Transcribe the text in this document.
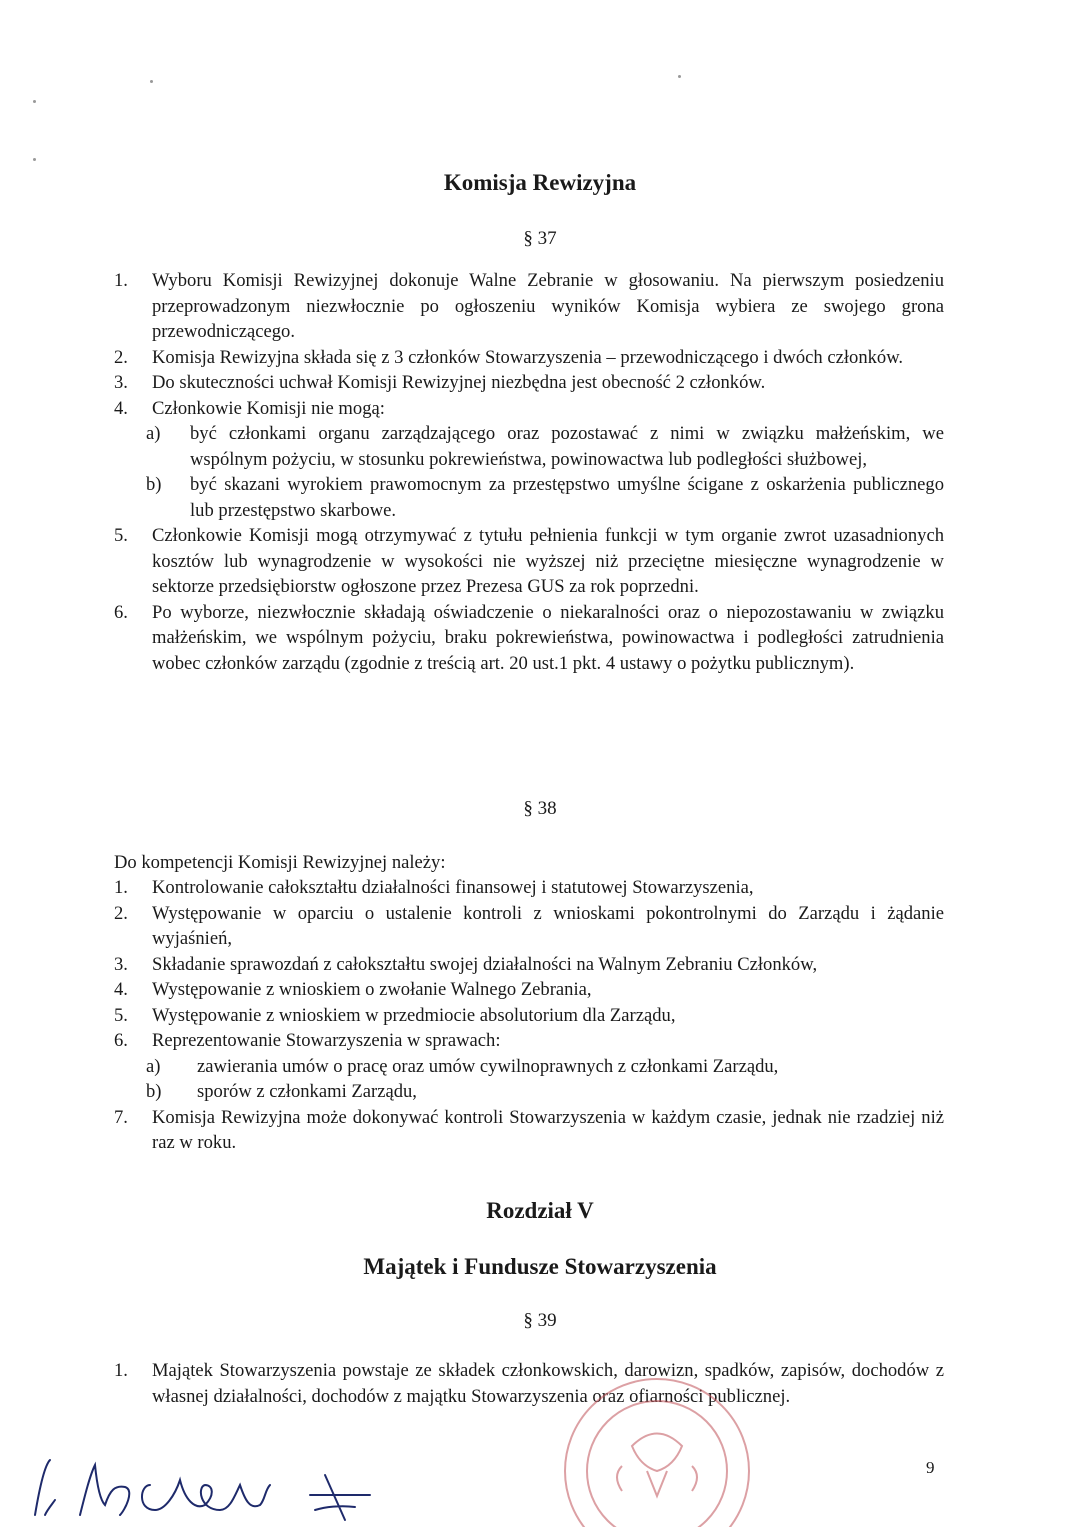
Komisja Rewizyjna
§ 37
1. Wyboru Komisji Rewizyjnej dokonuje Walne Zebranie w głosowaniu. Na pierwszym posiedzeniu przeprowadzonym niezwłocznie po ogłoszeniu wyników Komisja wybiera ze swojego grona przewodniczącego.
2. Komisja Rewizyjna składa się z 3 członków Stowarzyszenia – przewodniczącego i dwóch członków.
3. Do skuteczności uchwał Komisji Rewizyjnej niezbędna jest obecność 2 członków.
4. Członkowie Komisji nie mogą:
a)	być członkami organu zarządzającego oraz pozostawać z nimi w związku małżeńskim, we wspólnym pożyciu, w stosunku pokrewieństwa, powinowactwa lub podległości służbowej,
b)	być skazani wyrokiem prawomocnym za przestępstwo umyślne ścigane z oskarżenia publicznego lub przestępstwo skarbowe.
5. Członkowie Komisji mogą otrzymywać z tytułu pełnienia funkcji w tym organie zwrot uzasadnionych kosztów lub wynagrodzenie w wysokości nie wyższej niż przeciętne miesięczne wynagrodzenie w sektorze przedsiębiorstw ogłoszone przez Prezesa GUS za rok poprzedni.
6. Po wyborze, niezwłocznie składają oświadczenie o niekaralności oraz o niepozostawaniu w związku małżeńskim, we wspólnym pożyciu, braku pokrewieństwa, powinowactwa i podległości zatrudnienia wobec członków zarządu (zgodnie z treścią art. 20 ust.1 pkt. 4 ustawy o pożytku publicznym).
§ 38
Do kompetencji Komisji Rewizyjnej należy:
1. Kontrolowanie całokształtu działalności finansowej i statutowej Stowarzyszenia,
2. Występowanie w oparciu o ustalenie kontroli z wnioskami pokontrolnymi do Zarządu i żądanie wyjaśnień,
3. Składanie sprawozdań z całokształtu swojej działalności na Walnym Zebraniu Członków,
4. Występowanie z wnioskiem o zwołanie Walnego Zebrania,
5. Występowanie z wnioskiem w przedmiocie absolutorium dla Zarządu,
6. Reprezentowanie Stowarzyszenia w sprawach:
a)	zawierania umów o pracę oraz umów cywilnoprawnych z członkami Zarządu,
b)	sporów z członkami Zarządu,
7. Komisja Rewizyjna może dokonywać kontroli Stowarzyszenia w każdym czasie, jednak nie rzadziej niż raz w roku.
Rozdział V
Majątek i Fundusze Stowarzyszenia
§ 39
1. Majątek Stowarzyszenia powstaje ze składek członkowskich, darowizn, spadków, zapisów, dochodów z własnej działalności, dochodów z majątku Stowarzyszenia oraz ofiarności publicznej.
9
